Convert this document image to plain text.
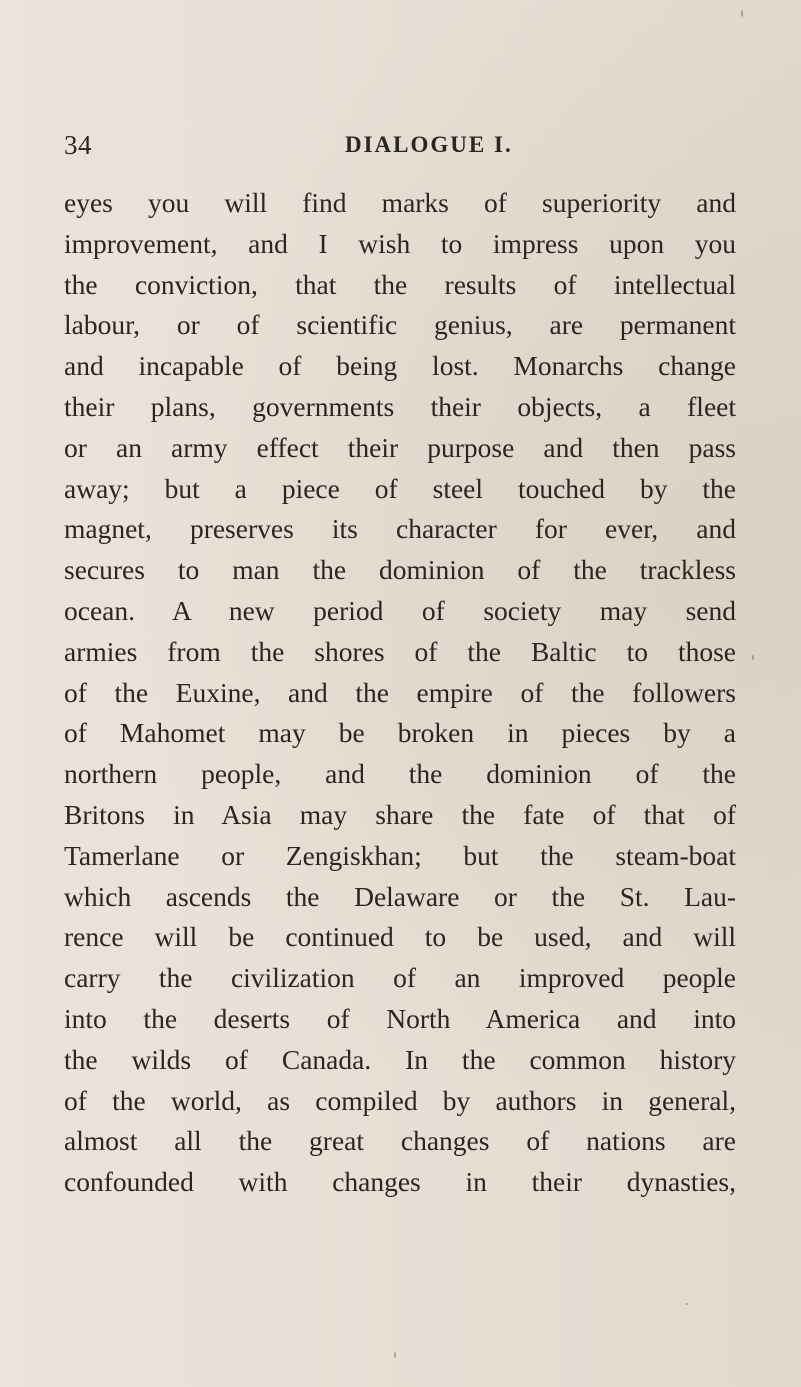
34	DIALOGUE I.
eyes you will find marks of superiority and
improvement, and I wish to impress upon you
the conviction, that the results of intellectual
labour, or of scientific genius, are permanent
and incapable of being lost. Monarchs change
their plans, governments their objects, a fleet
or an army effect their purpose and then pass
away; but a piece of steel touched by the
magnet, preserves its character for ever, and
secures to man the dominion of the trackless
ocean. A new period of society may send
armies from the shores of the Baltic to those
of the Euxine, and the empire of the followers
of Mahomet may be broken in pieces by a
northern people, and the dominion of the
Britons in Asia may share the fate of that of
Tamerlane or Zengiskhan; but the steam-boat
which ascends the Delaware or the St. Lau-
rence will be continued to be used, and will
carry the civilization of an improved people
into the deserts of North America and into
the wilds of Canada. In the common history
of the world, as compiled by authors in general,
almost all the great changes of nations are
confounded with changes in their dynasties,
